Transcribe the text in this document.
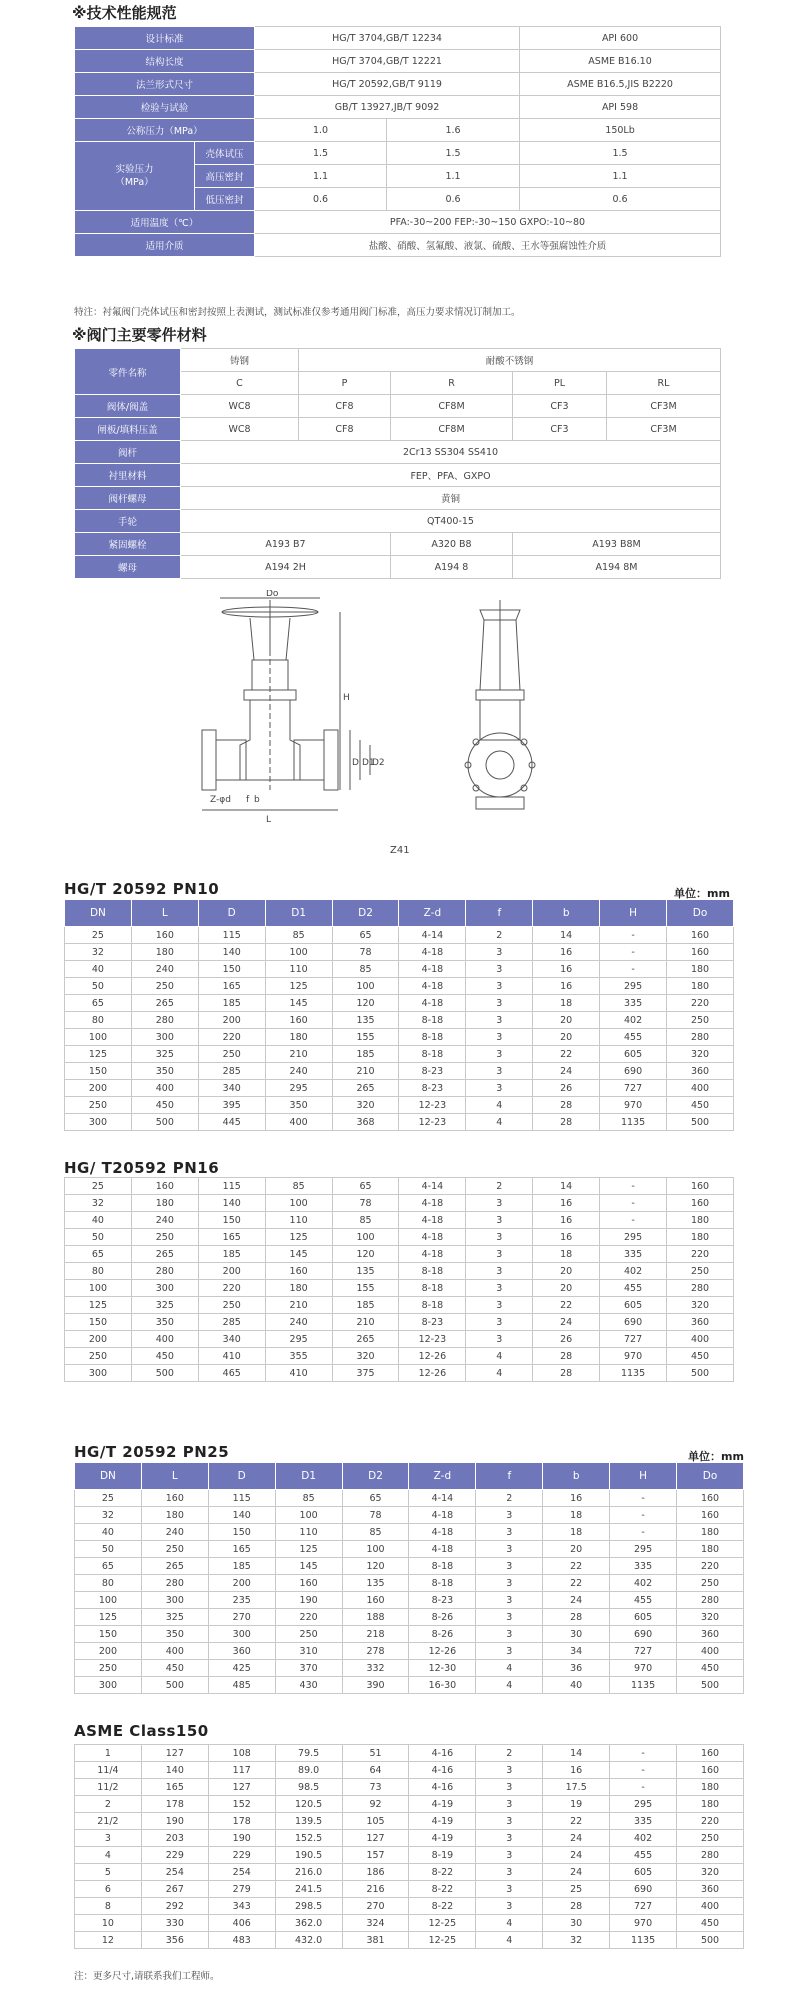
※技术性能规范
设计标准		HG/T 3704,GB/T 12234		API 600
结构长度		HG/T 3704,GB/T 12221		ASME B16.10
法兰形式尺寸		HG/T 20592,GB/T 9119		ASME B16.5,JIS B2220
检验与试验		GB/T 13927,JB/T 9092		API 598
公称压力（MPa）		1.0	1.6	150Lb
实验压力
（MPa）	壳体试压	1.5	1.5	1.5
	高压密封	1.1	1.1	1.1
	低压密封	0.6	0.6	0.6
适用温度（℃）		PFA:-30~200 FEP:-30~150 GXPO:-10~80		
适用介质		盐酸、硝酸、氢氟酸、液氯、硫酸、王水等强腐蚀性介质		
特注：衬氟阀门壳体试压和密封按照上表测试，测试标准仅参考通用阀门标准，高压力要求情况订制加工。
※阀门主要零件材料
零件名称	铸钢	耐酸不锈钢			
	C	P	R	PL	RL
阀体/阀盖	WC8	CF8	CF8M	CF3	CF3M
闸板/填料压盖	WC8	CF8	CF8M	CF3	CF3M
阀杆	2Cr13 SS304 SS410				
衬里材料	FEP、PFA、GXPO				
阀杆螺母	黄铜				
手轮	QT400-15				
紧固螺栓	A193 B7		A320 B8	A193 B8M	
螺母	A194 2H		A194 8	A194 8M	
Do
H
L
Z-φd
D D1
D2
f b
Z41
HG/T 20592 PN10	单位：mm
DN	L	D	D1	D2	Z-d	f	b	H	Do
25	160	115	85	65	4-14	2	14	-	160
32	180	140	100	78	4-18	3	16	-	160
40	240	150	110	85	4-18	3	16	-	180
50	250	165	125	100	4-18	3	16	295	180
65	265	185	145	120	4-18	3	18	335	220
80	280	200	160	135	8-18	3	20	402	250
100	300	220	180	155	8-18	3	20	455	280
125	325	250	210	185	8-18	3	22	605	320
150	350	285	240	210	8-23	3	24	690	360
200	400	340	295	265	8-23	3	26	727	400
250	450	395	350	320	12-23	4	28	970	450
300	500	445	400	368	12-23	4	28	1135	500
HG/ T20592 PN16
25	160	115	85	65	4-14	2	14	-	160
32	180	140	100	78	4-18	3	16	-	160
40	240	150	110	85	4-18	3	16	-	180
50	250	165	125	100	4-18	3	16	295	180
65	265	185	145	120	4-18	3	18	335	220
80	280	200	160	135	8-18	3	20	402	250
100	300	220	180	155	8-18	3	20	455	280
125	325	250	210	185	8-18	3	22	605	320
150	350	285	240	210	8-23	3	24	690	360
200	400	340	295	265	12-23	3	26	727	400
250	450	410	355	320	12-26	4	28	970	450
300	500	465	410	375	12-26	4	28	1135	500
HG/T 20592 PN25	单位：mm
DN	L	D	D1	D2	Z-d	f	b	H	Do
25	160	115	85	65	4-14	2	16	-	160
32	180	140	100	78	4-18	3	18	-	160
40	240	150	110	85	4-18	3	18	-	180
50	250	165	125	100	4-18	3	20	295	180
65	265	185	145	120	8-18	3	22	335	220
80	280	200	160	135	8-18	3	22	402	250
100	300	235	190	160	8-23	3	24	455	280
125	325	270	220	188	8-26	3	28	605	320
150	350	300	250	218	8-26	3	30	690	360
200	400	360	310	278	12-26	3	34	727	400
250	450	425	370	332	12-30	4	36	970	450
300	500	485	430	390	16-30	4	40	1135	500
ASME Class150
1	127	108	79.5	51	4-16	2	14	-	160
11/4	140	117	89.0	64	4-16	3	16	-	160
11/2	165	127	98.5	73	4-16	3	17.5	-	180
2	178	152	120.5	92	4-19	3	19	295	180
21/2	190	178	139.5	105	4-19	3	22	335	220
3	203	190	152.5	127	4-19	3	24	402	250
4	229	229	190.5	157	8-19	3	24	455	280
5	254	254	216.0	186	8-22	3	24	605	320
6	267	279	241.5	216	8-22	3	25	690	360
8	292	343	298.5	270	8-22	3	28	727	400
10	330	406	362.0	324	12-25	4	30	970	450
12	356	483	432.0	381	12-25	4	32	1135	500
注：更多尺寸,请联系我们工程师。
